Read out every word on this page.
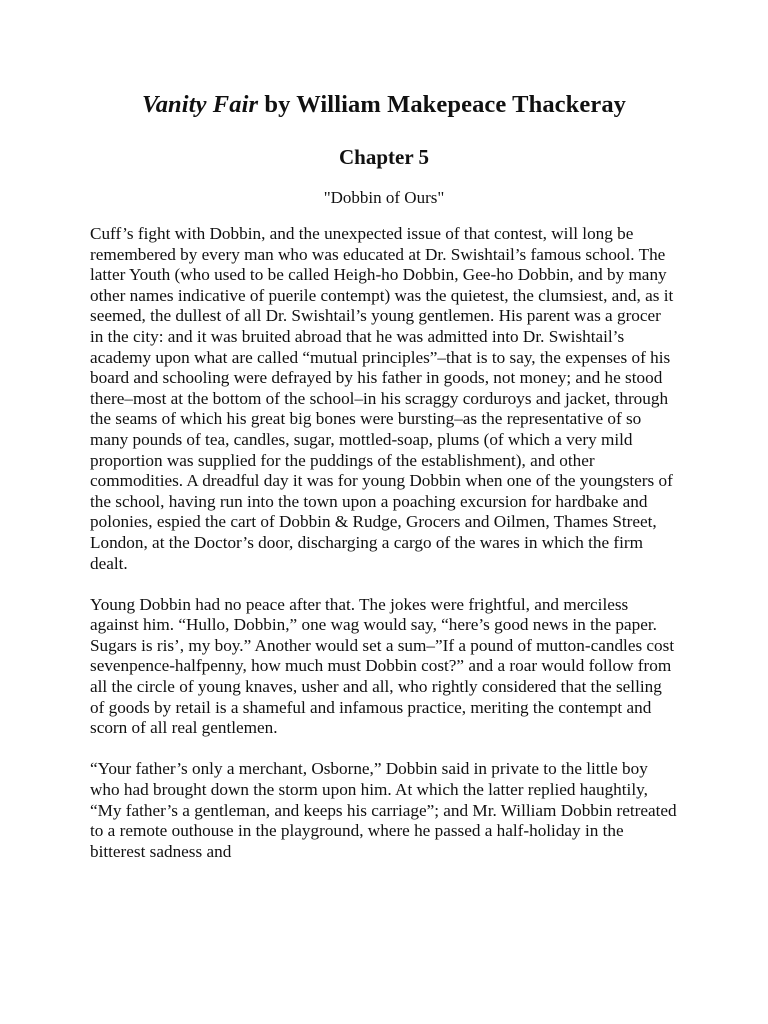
Vanity Fair by William Makepeace Thackeray
Chapter 5
"Dobbin of Ours"

Cuff’s fight with Dobbin, and the unexpected issue of that contest, will long be remembered by every man who was educated at Dr. Swishtail’s famous school. The latter Youth (who used to be called Heigh-ho Dobbin, Gee-ho Dobbin, and by many other names indicative of puerile contempt) was the quietest, the clumsiest, and, as it seemed, the dullest of all Dr. Swishtail’s young gentlemen. His parent was a grocer in the city: and it was bruited abroad that he was admitted into Dr. Swishtail’s academy upon what are called “mutual principles”–that is to say, the expenses of his board and schooling were defrayed by his father in goods, not money; and he stood there–most at the bottom of the school–in his scraggy corduroys and jacket, through the seams of which his great big bones were bursting–as the representative of so many pounds of tea, candles, sugar, mottled-soap, plums (of which a very mild proportion was supplied for the puddings of the establishment), and other commodities. A dreadful day it was for young Dobbin when one of the youngsters of the school, having run into the town upon a poaching excursion for hardbake and polonies, espied the cart of Dobbin & Rudge, Grocers and Oilmen, Thames Street, London, at the Doctor’s door, discharging a cargo of the wares in which the firm dealt.

Young Dobbin had no peace after that. The jokes were frightful, and merciless against him. “Hullo, Dobbin,” one wag would say, “here’s good news in the paper. Sugars is ris’, my boy.” Another would set a sum–”If a pound of mutton-candles cost sevenpence-halfpenny, how much must Dobbin cost?” and a roar would follow from all the circle of young knaves, usher and all, who rightly considered that the selling of goods by retail is a shameful and infamous practice, meriting the contempt and scorn of all real gentlemen.

“Your father’s only a merchant, Osborne,” Dobbin said in private to the little boy who had brought down the storm upon him. At which the latter replied haughtily, “My father’s a gentleman, and keeps his carriage”; and Mr. William Dobbin retreated to a remote outhouse in the playground, where he passed a half-holiday in the bitterest sadness and
